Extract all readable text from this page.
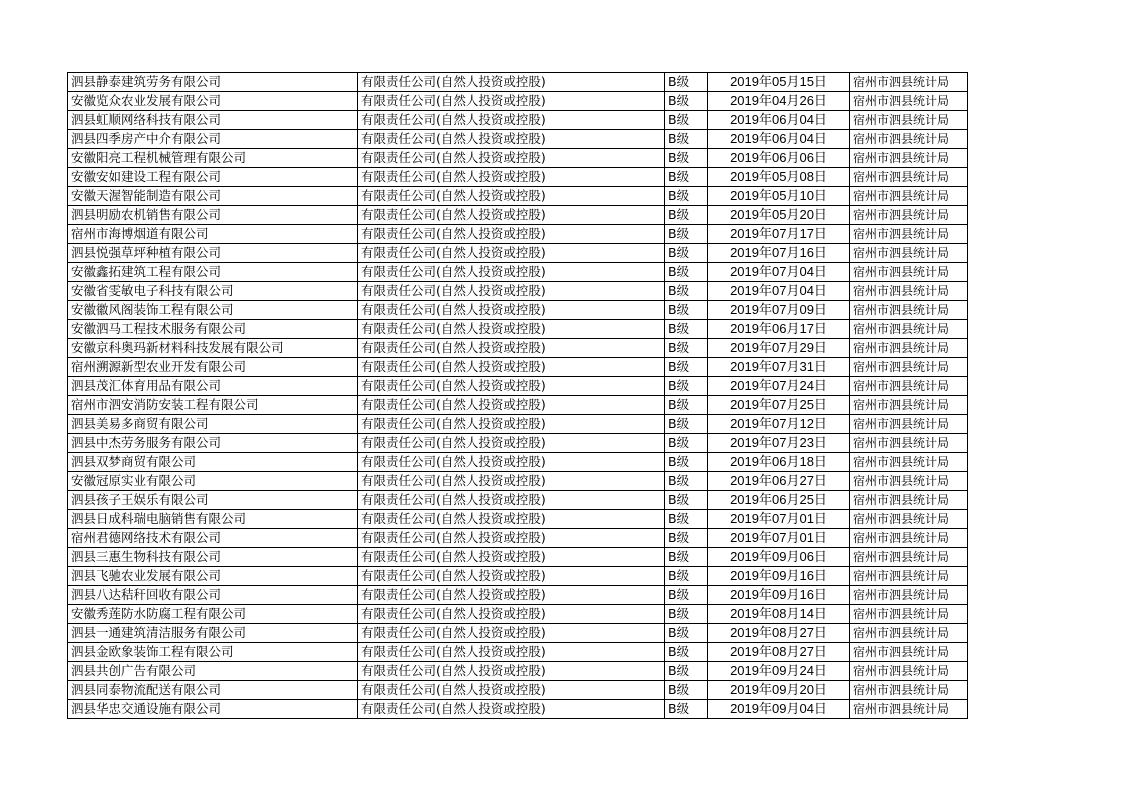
泗县静泰建筑劳务有限公司	有限责任公司(自然人投资或控股)	B级	2019年05月15日	宿州市泗县统计局
安徽览众农业发展有限公司	有限责任公司(自然人投资或控股)	B级	2019年04月26日	宿州市泗县统计局
泗县虹顺网络科技有限公司	有限责任公司(自然人投资或控股)	B级	2019年06月04日	宿州市泗县统计局
泗县四季房产中介有限公司	有限责任公司(自然人投资或控股)	B级	2019年06月04日	宿州市泗县统计局
安徽阳亮工程机械管理有限公司	有限责任公司(自然人投资或控股)	B级	2019年06月06日	宿州市泗县统计局
安徽安如建设工程有限公司	有限责任公司(自然人投资或控股)	B级	2019年05月08日	宿州市泗县统计局
安徽天渥智能制造有限公司	有限责任公司(自然人投资或控股)	B级	2019年05月10日	宿州市泗县统计局
泗县明励农机销售有限公司	有限责任公司(自然人投资或控股)	B级	2019年05月20日	宿州市泗县统计局
宿州市海博烟道有限公司	有限责任公司(自然人投资或控股)	B级	2019年07月17日	宿州市泗县统计局
泗县悦强草坪种植有限公司	有限责任公司(自然人投资或控股)	B级	2019年07月16日	宿州市泗县统计局
安徽鑫拓建筑工程有限公司	有限责任公司(自然人投资或控股)	B级	2019年07月04日	宿州市泗县统计局
安徽省雯敏电子科技有限公司	有限责任公司(自然人投资或控股)	B级	2019年07月04日	宿州市泗县统计局
安徽徽风阁装饰工程有限公司	有限责任公司(自然人投资或控股)	B级	2019年07月09日	宿州市泗县统计局
安徽泗马工程技术服务有限公司	有限责任公司(自然人投资或控股)	B级	2019年06月17日	宿州市泗县统计局
安徽京科奥玛新材料科技发展有限公司	有限责任公司(自然人投资或控股)	B级	2019年07月29日	宿州市泗县统计局
宿州溯源新型农业开发有限公司	有限责任公司(自然人投资或控股)	B级	2019年07月31日	宿州市泗县统计局
泗县茂汇体育用品有限公司	有限责任公司(自然人投资或控股)	B级	2019年07月24日	宿州市泗县统计局
宿州市泗安消防安装工程有限公司	有限责任公司(自然人投资或控股)	B级	2019年07月25日	宿州市泗县统计局
泗县美易多商贸有限公司	有限责任公司(自然人投资或控股)	B级	2019年07月12日	宿州市泗县统计局
泗县中杰劳务服务有限公司	有限责任公司(自然人投资或控股)	B级	2019年07月23日	宿州市泗县统计局
泗县双梦商贸有限公司	有限责任公司(自然人投资或控股)	B级	2019年06月18日	宿州市泗县统计局
安徽冠原实业有限公司	有限责任公司(自然人投资或控股)	B级	2019年06月27日	宿州市泗县统计局
泗县孩子王娱乐有限公司	有限责任公司(自然人投资或控股)	B级	2019年06月25日	宿州市泗县统计局
泗县日成科瑞电脑销售有限公司	有限责任公司(自然人投资或控股)	B级	2019年07月01日	宿州市泗县统计局
宿州君德网络技术有限公司	有限责任公司(自然人投资或控股)	B级	2019年07月01日	宿州市泗县统计局
泗县三惠生物科技有限公司	有限责任公司(自然人投资或控股)	B级	2019年09月06日	宿州市泗县统计局
泗县飞驰农业发展有限公司	有限责任公司(自然人投资或控股)	B级	2019年09月16日	宿州市泗县统计局
泗县八达秸秆回收有限公司	有限责任公司(自然人投资或控股)	B级	2019年09月16日	宿州市泗县统计局
安徽秀莲防水防腐工程有限公司	有限责任公司(自然人投资或控股)	B级	2019年08月14日	宿州市泗县统计局
泗县一通建筑清洁服务有限公司	有限责任公司(自然人投资或控股)	B级	2019年08月27日	宿州市泗县统计局
泗县金欧象装饰工程有限公司	有限责任公司(自然人投资或控股)	B级	2019年08月27日	宿州市泗县统计局
泗县共创广告有限公司	有限责任公司(自然人投资或控股)	B级	2019年09月24日	宿州市泗县统计局
泗县同泰物流配送有限公司	有限责任公司(自然人投资或控股)	B级	2019年09月20日	宿州市泗县统计局
泗县华忠交通设施有限公司	有限责任公司(自然人投资或控股)	B级	2019年09月04日	宿州市泗县统计局
